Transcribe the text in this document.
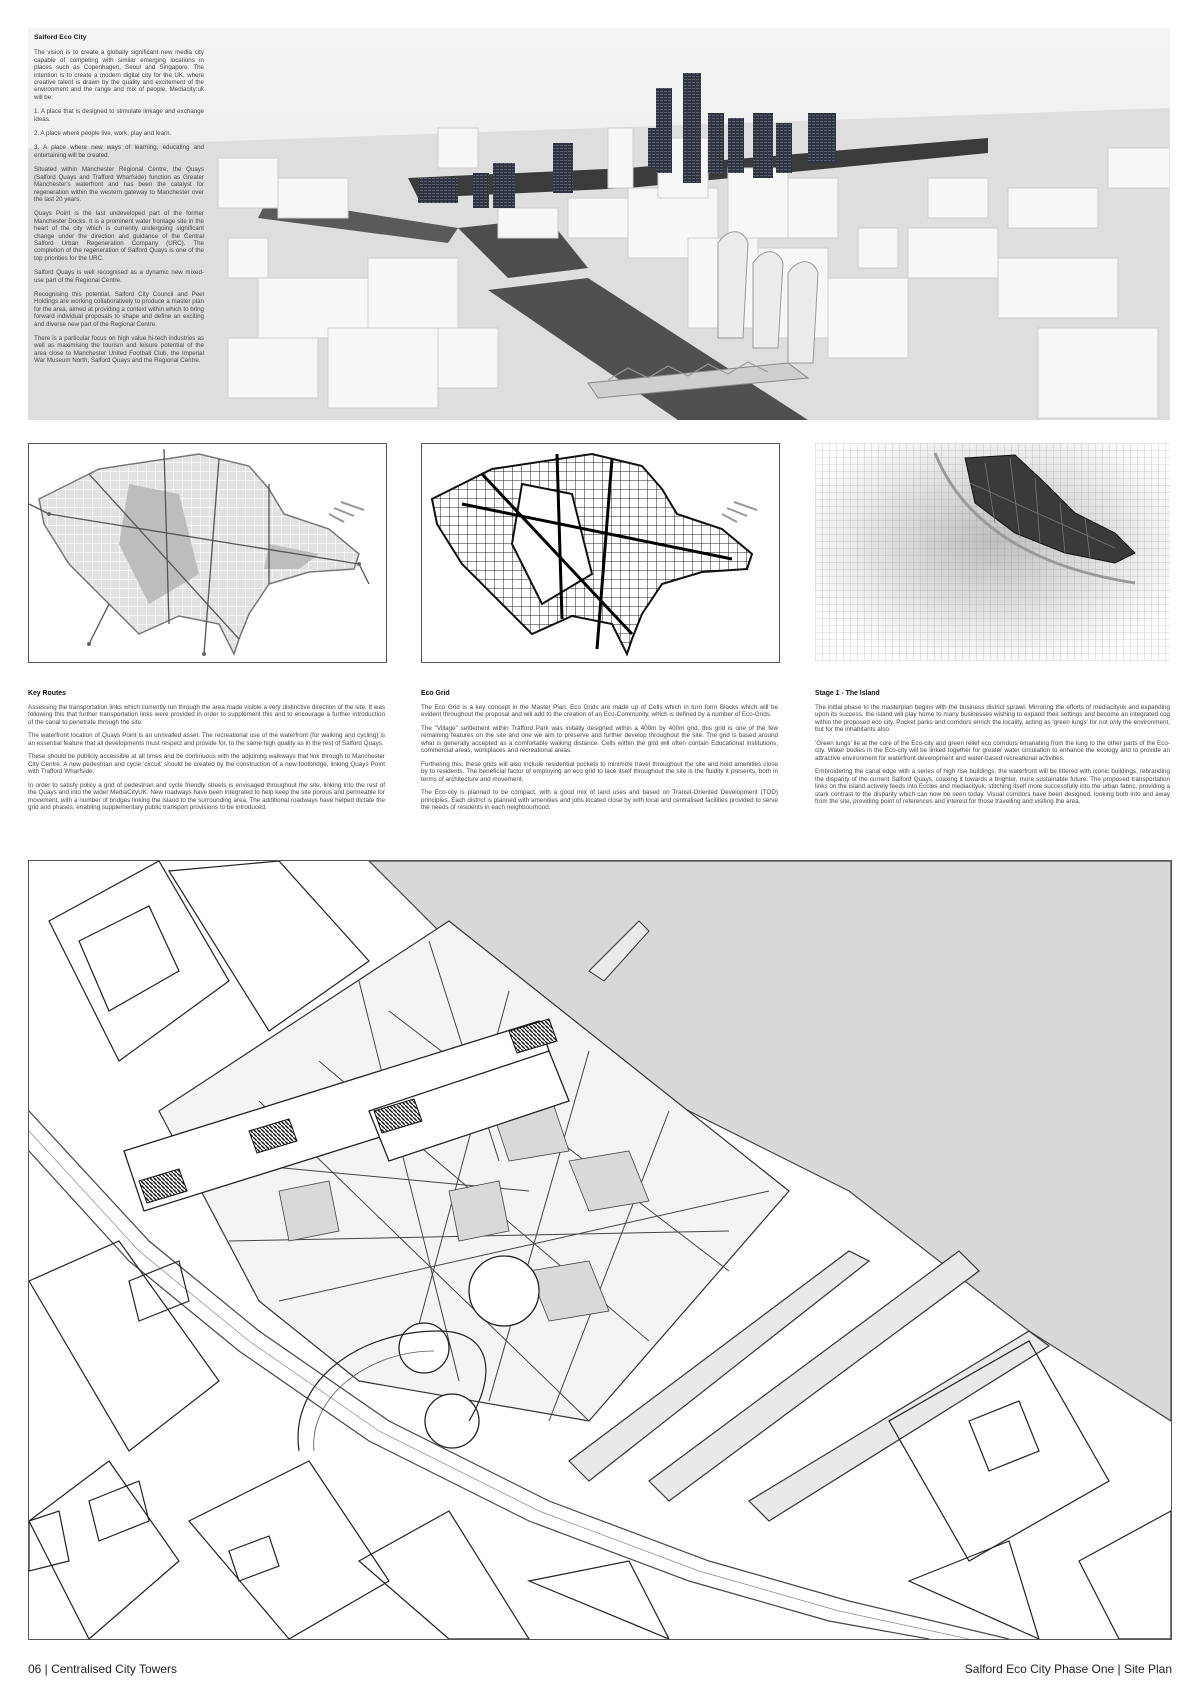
Salford Eco City

The vision is to create a globally significant new media city capable of competing with similar emerging locations in places such as Copenhagen, Seoul and Singapore. The intention is to create a modern digital city for the UK, where creative talent is drawn by the quality and excitement of the environment and the range and mix of people. Mediacity:uk will be:

1. A place that is designed to stimulate linkage and exchange ideas.

2. A place where people live, work, play and learn.

3. A place where new ways of learning, educating and entertaining will be created.

Situated within Manchester Regional Centre, the Quays (Salford Quays and Trafford Wharfside) function as Greater Manchester's waterfront and has been the catalyst for regeneration within the western gateway to Manchester over the last 20 years.

Quays Point is the last undeveloped part of the former Manchester Docks. It is a prominent water frontage site in the heart of the city which is currently undergoing significant change under the direction and guidance of the Central Salford Urban Regeneration Company (URC). The completion of the regeneration of Salford Quays is one of the top priorities for the URC.

Salford Quays is well recognised as a dynamic new mixed-use part of the Regional Centre.

Recognising this potential, Salford City Council and Peel Holdings are working collaboratively to produce a master plan for the area, aimed at providing a context within which to bring forward individual proposals to shape and define an exciting and diverse new part of the Regional Centre.

There is a particular focus on high value hi-tech industries as well as maximising the tourism and leisure potential of the area close to Manchester United Football Club, the Imperial War Museum North, Salford Quays and the Regional Centre.

Key Routes

Assessing the transportation links which currently run through the area made visible a very distinctive direction of the site. It was following this that further transportation links were provided in order to supplement this and to encourage a further introduction of the canal to penetrate through the site.

The waterfront location of Quays Point is an unrivalled asset. The recreational use of the waterfront (for walking and cycling) is an essential feature that all developments must respect and provide for, to the same high quality as in the rest of Salford Quays.

These should be publicly accessible at all times and be continuous with the adjoining walkways that link through to Manchester City Centre. A new pedestrian and cycle 'circuit' should be created by the construction of a new footbridge, linking Quays Point with Trafford Wharfside.

In order to satisfy policy a grid of pedestrian and cycle friendly streets is envisaged throughout the site, linking into the rest of the Quays and into the wider MediaCityUK. New roadways have been integrated to help keep the site porous and permeable for movement, with a number of bridges linking the island to the surrounding area. The additional roadways have helped dictate the grid and phases, enabling supplementary public transport provisions to be introduced.

Eco Grid

The Eco Grid is a key concept in the Master Plan. Eco Grids are made up of Cells which in turn form Blocks which will be evident throughout the proposal and will add to the creation of an Eco-Community, which is defined by a number of Eco-Grids.

The "Village" settlement within Trafford Park was initially designed within a 400m by 400m grid, this grid is one of the few remaining features on the site and one we aim to preserve and further develop throughout the site. The grid is based around what is generally accepted as a comfortable walking distance. Cells within the grid will often contain Educational institutions, commercial areas, workplaces and recreational areas.

Furthering this, these grids will also include residential pockets to minimize travel throughout the site and hold amenities close by to residents. The beneficial factor of employing an eco grid to lace itself throughout the site is the fluidity it presents, both in terms of architecture and movement.

The Eco-city is planned to be compact, with a good mix of land uses and based on Transit-Oriented Development (TOD) principles. Each district is planned with amenities and jobs located close by with local and centralised facilities provided to serve the needs of residents in each neighbourhood.

Stage 1 - The Island

The initial phase to the masterplan begins with the business district sprawl. Mirroring the efforts of mediacityuk and expanding upon its success, the island will play home to many businesses wishing to expand their settings and become an integrated cog within the proposed eco city. Pocket parks and corridors enrich the locality, acting as 'green lungs' for not only the environment, but for the inhabitants also.

'Green lungs' lie at the core of the Eco-city and green relief eco corridors emanating from the lung to the other parts of the Eco-city. Water bodies in the Eco-city will be linked together for greater water circulation to enhance the ecology and to provide an attractive environment for waterfront development and water-based recreational activities.

Embroidering the canal edge with a series of high rise buildings, the waterfront will be littered with iconic buildings, rebranding the disparity of the current Salford Quays, coaxing it towards a brighter, more sustainable future. The proposed transportation links on the island actively feeds into Eccles and mediacityuk, stitching itself more successfully into the urban fabric, providing a stark contrast to the disparity which can now be seen today. Visual corridors have been designed, looking both into and away from the site, providing point of references and interest for those travelling and visiting the area.

06 | Centralised City Towers	Salford Eco City Phase One | Site Plan
